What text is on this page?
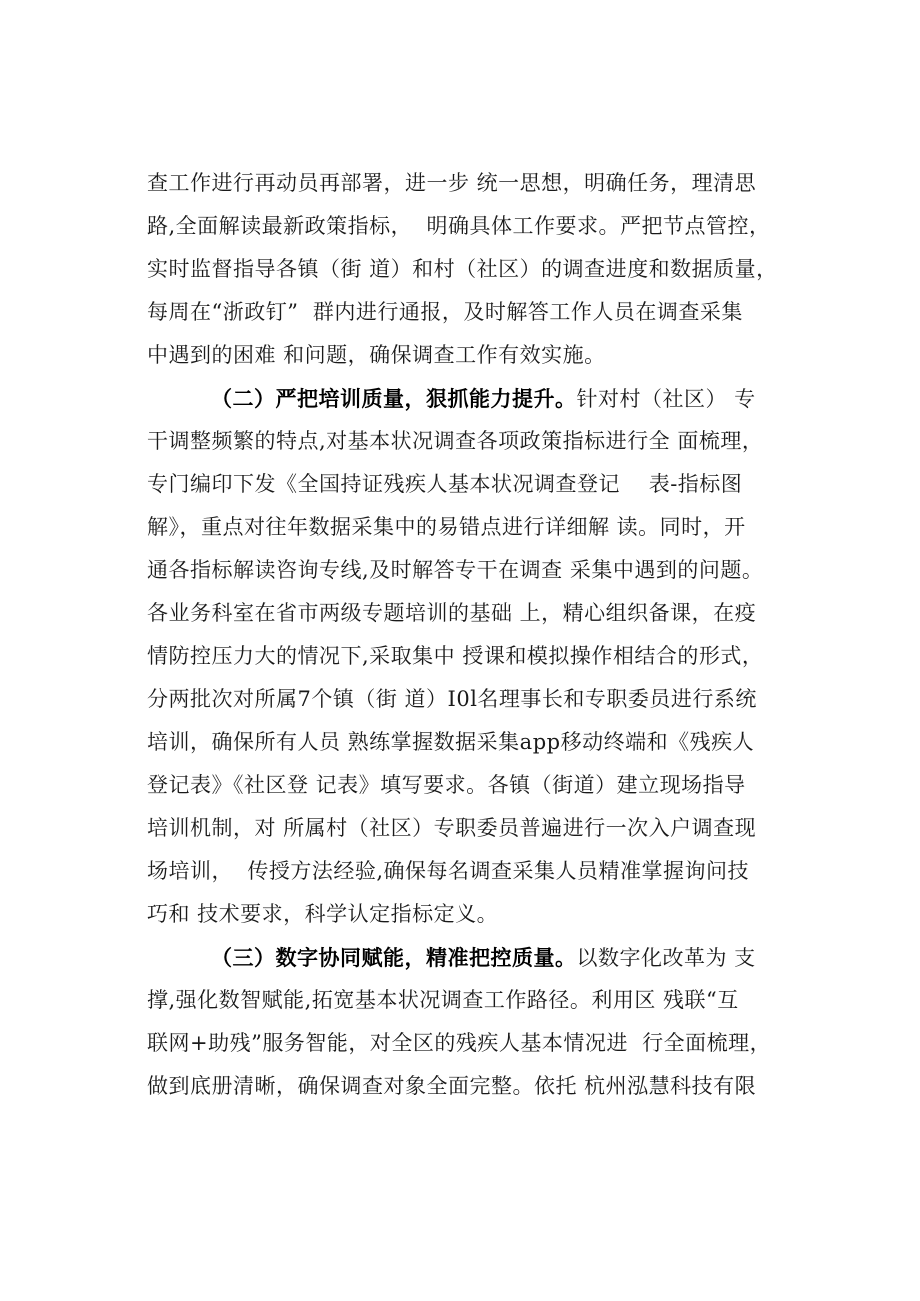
查工作进行再动员再部署，进一步 统一思想，明确任务，理清思
路,全面解读最新政策指标，  明确具体工作要求。严把节点管控，
实时监督指导各镇（街 道）和村（社区）的调查进度和数据质量，
每周在“浙政钉”  群内进行通报，及时解答工作人员在调查采集
中遇到的困难 和问题，确保调查工作有效实施。
（二）严把培训质量，狠抓能力提升。针对村（社区） 专
干调整频繁的特点,对基本状况调查各项政策指标进行全 面梳理，
专门编印下发《全国持证残疾人基本状况调查登记    表-指标图
解》，重点对往年数据采集中的易错点进行详细解 读。同时，开
通各指标解读咨询专线,及时解答专干在调查 采集中遇到的问题。
各业务科室在省市两级专题培训的基础 上，精心组织备课，在疫
情防控压力大的情况下,采取集中 授课和模拟操作相结合的形式，
分两批次对所属7个镇（街 道）I0l名理事长和专职委员进行系统
培训，确保所有人员 熟练掌握数据采集app移动终端和《残疾人
登记表》《社区登 记表》填写要求。各镇（街道）建立现场指导
培训机制，对 所属村（社区）专职委员普遍进行一次入户调查现
场培训，  传授方法经验,确保每名调查采集人员精准掌握询问技
巧和 技术要求，科学认定指标定义。
（三）数字协同赋能，精准把控质量。以数字化改革为 支
撑,强化数智赋能,拓宽基本状况调查工作路径。利用区 残联“互
联网+助残”服务智能，对全区的残疾人基本情况进  行全面梳理，
做到底册清晰，确保调查对象全面完整。依托 杭州泓慧科技有限
